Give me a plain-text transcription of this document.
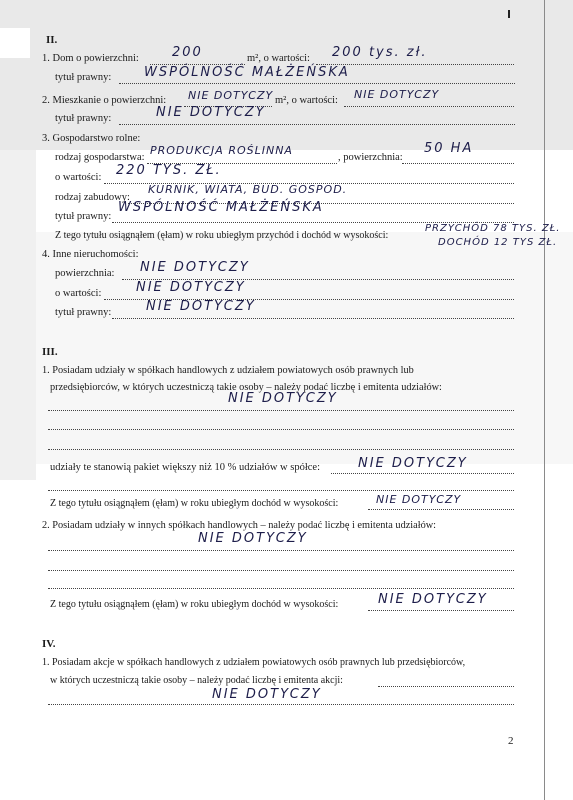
II.
1. Dom o powierzchni:	200	m², o wartości: 200 tys. zł.
tytuł prawny:	WSPÓLNOŚĆ MAŁŻEŃSKA
2. Mieszkanie o powierzchni: NIE DOTYCZY m², o wartości: NIE DOTYCZY
tytuł prawny:	NIE DOTYCZY
3. Gospodarstwo rolne:
rodzaj gospodarstwa:
PRODUKCJA ROŚLINNA
, powierzchnia:
50 HA
o wartości: 220 TYS. ZŁ.
rodzaj zabudowy:
KURNIK, WIATA, BUD. GOSPOD.
tytuł prawny:
WSPÓLNOŚĆ MAŁŻEŃSKA
Z tego tytułu osiągnąłem (ęłam) w roku ubiegłym przychód i dochód w wysokości:
PRZYCHÓD 78 TYS. ZŁ.
DOCHÓD 12 TYS ZŁ.
4. Inne nieruchomości:
powierzchnia: NIE DOTYCZY
o wartości:	NIE DOTYCZY
tytuł prawny:	NIE DOTYCZY
III.
1. Posiadam udziały w spółkach handlowych z udziałem powiatowych osób prawnych lub
przedsiębiorców, w których uczestniczą takie osoby – należy podać liczbę i emitenta udziałów:
NIE DOTYCZY
udziały te stanowią pakiet większy niż 10 % udziałów w spółce:	NIE DOTYCZY
Z tego tytułu osiągnąłem (ęłam) w roku ubiegłym dochód w wysokości:	NIE DOTYCZY
2. Posiadam udziały w innych spółkach handlowych – należy podać liczbę i emitenta udziałów:
NIE DOTYCZY
Z tego tytułu osiągnąłem (ęłam) w roku ubiegłym dochód w wysokości:	NIE DOTYCZY
IV.
1. Posiadam akcje w spółkach handlowych z udziałem powiatowych osób prawnych lub przedsiębiorców,
w których uczestniczą takie osoby – należy podać liczbę i emitenta akcji:
NIE DOTYCZY
2
